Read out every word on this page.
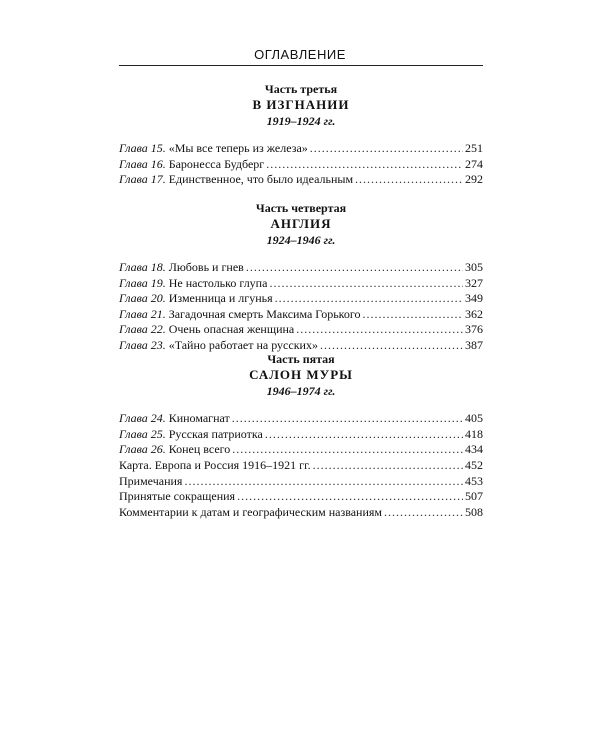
ОГЛАВЛЕНИЕ
Часть третья
В ИЗГНАНИИ
1919–1924 гг.
Глава 15. «Мы все теперь из железа» . . .	251
Глава 16. Баронесса Будберг . . .	274
Глава 17. Единственное, что было идеальным . . .	292
Часть четвертая
АНГЛИЯ
1924–1946 гг.
Глава 18. Любовь и гнев . . .	305
Глава 19. Не настолько глупа . . .	327
Глава 20. Изменница и лгунья . . .	349
Глава 21. Загадочная смерть Максима Горького . . .	362
Глава 22. Очень опасная женщина . . .	376
Глава 23. «Тайно работает на русских» . . .	387
Часть пятая
САЛОН МУРЫ
1946–1974 гг.
Глава 24. Киномагнат . . .	405
Глава 25. Русская патриотка . . .	418
Глава 26. Конец всего . . .	434
Карта. Европа и Россия 1916–1921 гг. . . .	452
Примечания . . .	453
Принятые сокращения . . .	507
Комментарии к датам и географическим названиям . . .	508
